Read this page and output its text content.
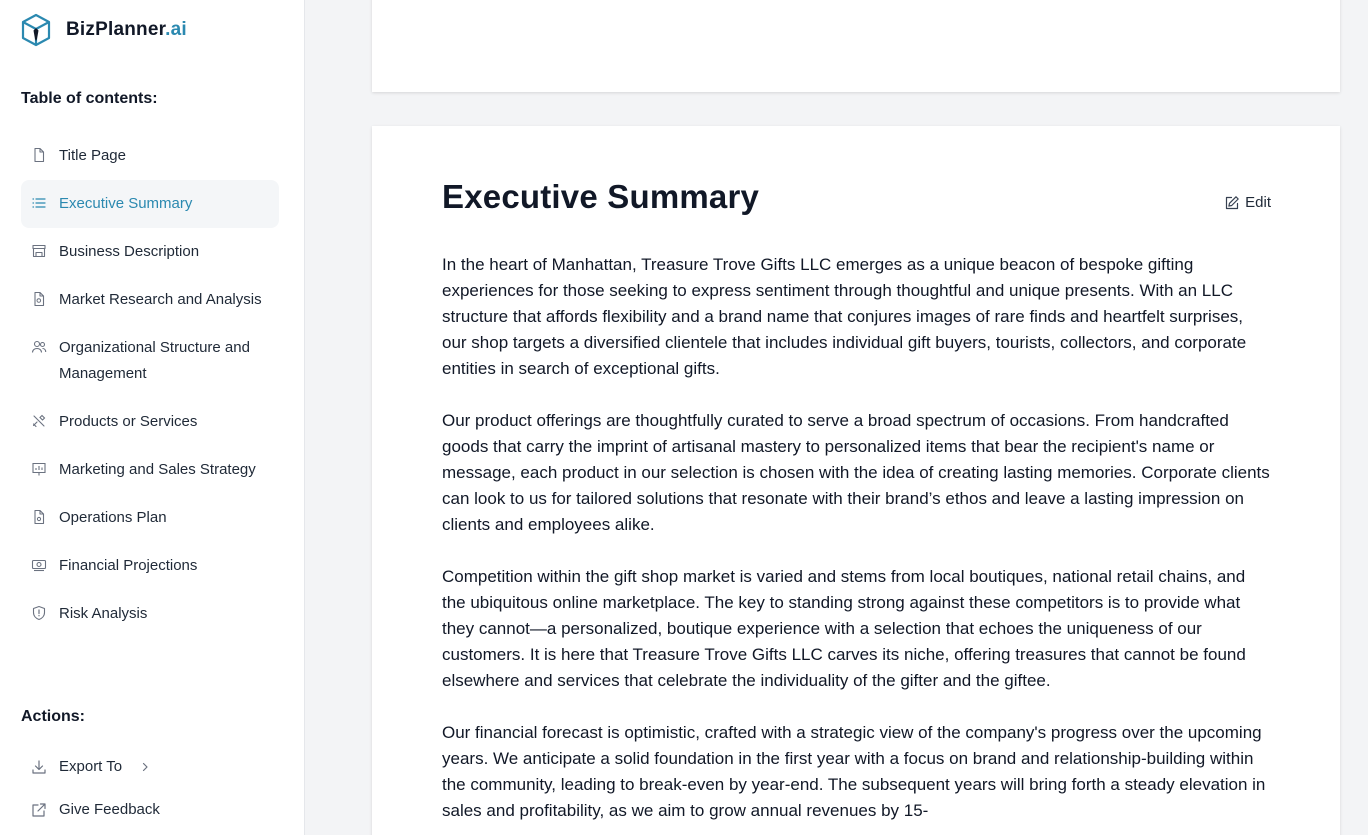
BizPlanner.ai
Table of contents:
Title Page
Executive Summary
Business Description
Market Research and Analysis
Organizational Structure and Management
Products or Services
Marketing and Sales Strategy
Operations Plan
Financial Projections
Risk Analysis
Actions:
Export To
Give Feedback
Executive Summary	Edit

In the heart of Manhattan, Treasure Trove Gifts LLC emerges as a unique beacon of bespoke gifting experiences for those seeking to express sentiment through thoughtful and unique presents. With an LLC structure that affords flexibility and a brand name that conjures images of rare finds and heartfelt surprises, our shop targets a diversified clientele that includes individual gift buyers, tourists, collectors, and corporate entities in search of exceptional gifts.

Our product offerings are thoughtfully curated to serve a broad spectrum of occasions. From handcrafted goods that carry the imprint of artisanal mastery to personalized items that bear the recipient's name or message, each product in our selection is chosen with the idea of creating lasting memories. Corporate clients can look to us for tailored solutions that resonate with their brand’s ethos and leave a lasting impression on clients and employees alike.

Competition within the gift shop market is varied and stems from local boutiques, national retail chains, and the ubiquitous online marketplace. The key to standing strong against these competitors is to provide what they cannot—a personalized, boutique experience with a selection that echoes the uniqueness of our customers. It is here that Treasure Trove Gifts LLC carves its niche, offering treasures that cannot be found elsewhere and services that celebrate the individuality of the gifter and the giftee.

Our financial forecast is optimistic, crafted with a strategic view of the company's progress over the upcoming years. We anticipate a solid foundation in the first year with a focus on brand and relationship-building within the community, leading to break-even by year-end. The subsequent years will bring forth a steady elevation in sales and profitability, as we aim to grow annual revenues by 15-
